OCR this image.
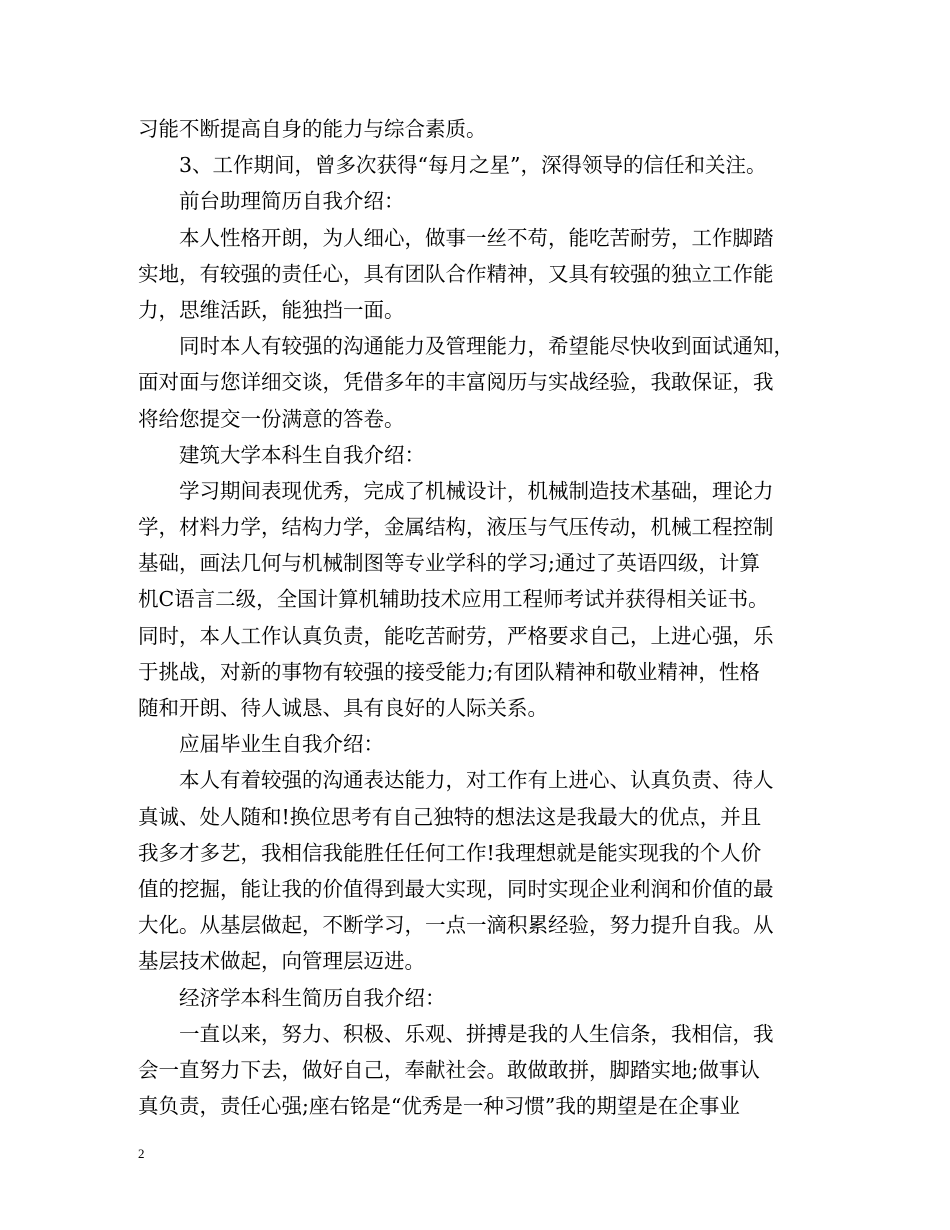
习能不断提高自身的能力与综合素质。
3、工作期间，曾多次获得“每月之星”，深得领导的信任和关注。
前台助理简历自我介绍：
本人性格开朗，为人细心，做事一丝不苟，能吃苦耐劳，工作脚踏
实地，有较强的责任心，具有团队合作精神，又具有较强的独立工作能
力，思维活跃，能独挡一面。
同时本人有较强的沟通能力及管理能力，希望能尽快收到面试通知，
面对面与您详细交谈，凭借多年的丰富阅历与实战经验，我敢保证，我
将给您提交一份满意的答卷。
建筑大学本科生自我介绍：
学习期间表现优秀，完成了机械设计，机械制造技术基础，理论力
学，材料力学，结构力学，金属结构，液压与气压传动，机械工程控制
基础，画法几何与机械制图等专业学科的学习;通过了英语四级，计算
机C语言二级，全国计算机辅助技术应用工程师考试并获得相关证书。
同时，本人工作认真负责，能吃苦耐劳，严格要求自己，上进心强，乐
于挑战，对新的事物有较强的接受能力;有团队精神和敬业精神，性格
随和开朗、待人诚恳、具有良好的人际关系。
应届毕业生自我介绍：
本人有着较强的沟通表达能力，对工作有上进心、认真负责、待人
真诚、处人随和!换位思考有自己独特的想法这是我最大的优点，并且
我多才多艺，我相信我能胜任任何工作!我理想就是能实现我的个人价
值的挖掘，能让我的价值得到最大实现，同时实现企业利润和价值的最
大化。从基层做起，不断学习，一点一滴积累经验，努力提升自我。从
基层技术做起，向管理层迈进。
经济学本科生简历自我介绍：
一直以来，努力、积极、乐观、拼搏是我的人生信条，我相信，我
会一直努力下去，做好自己，奉献社会。敢做敢拼，脚踏实地;做事认
真负责，责任心强;座右铭是“优秀是一种习惯”我的期望是在企事业
2
